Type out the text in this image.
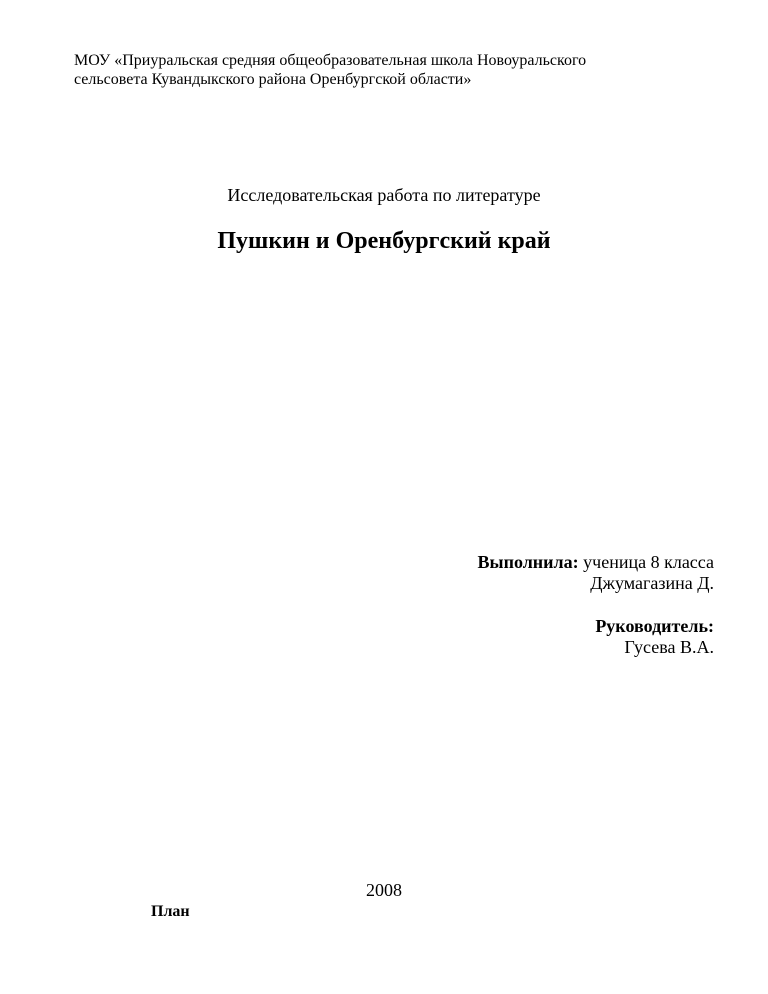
МОУ «Приуральская средняя общеобразовательная школа Новоуральского
сельсовета Кувандыкского района Оренбургской области»
Исследовательская работа по литературе
Пушкин и Оренбургский край
Выполнила: ученица 8 класса
Джумагазина Д.
Руководитель:
Гусева В.А.
2008
План
